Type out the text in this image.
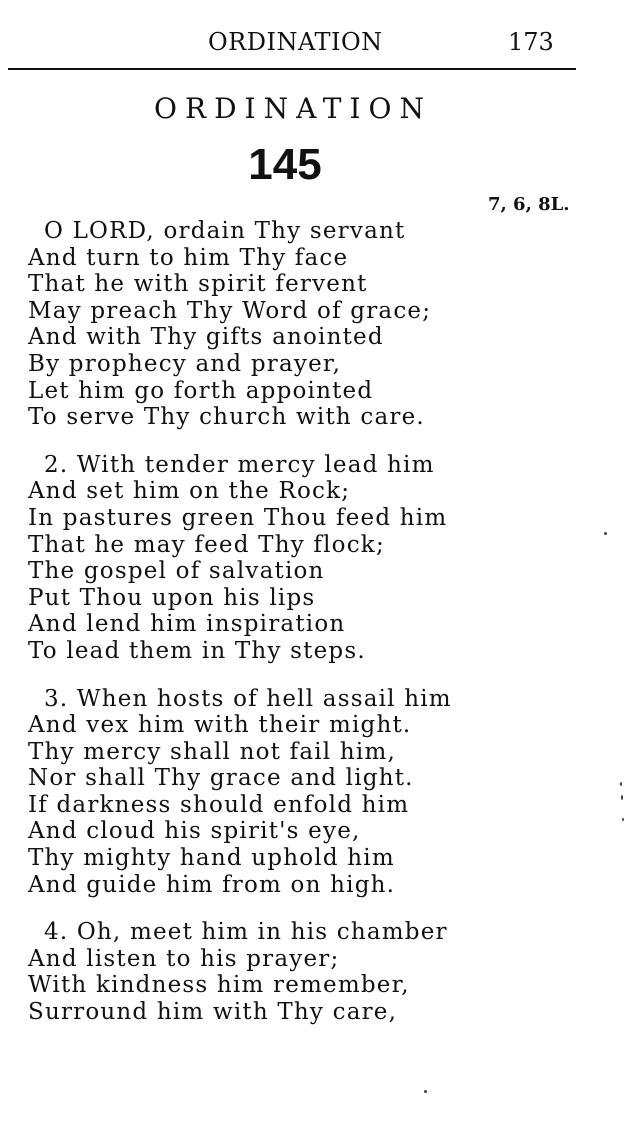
ORDINATION	173
ORDINATION
145
7, 6, 8L.
O LORD, ordain Thy servant
And turn to him Thy face
That he with spirit fervent
May preach Thy Word of grace;
And with Thy gifts anointed
By prophecy and prayer,
Let him go forth appointed
To serve Thy church with care.
2. With tender mercy lead him
And set him on the Rock;
In pastures green Thou feed him
That he may feed Thy flock;
The gospel of salvation
Put Thou upon his lips
And lend him inspiration
To lead them in Thy steps.
3. When hosts of hell assail him
And vex him with their might.
Thy mercy shall not fail him,
Nor shall Thy grace and light.
If darkness should enfold him
And cloud his spirit's eye,
Thy mighty hand uphold him
And guide him from on high.
4. Oh, meet him in his chamber
And listen to his prayer;
With kindness him remember,
Surround him with Thy care,
